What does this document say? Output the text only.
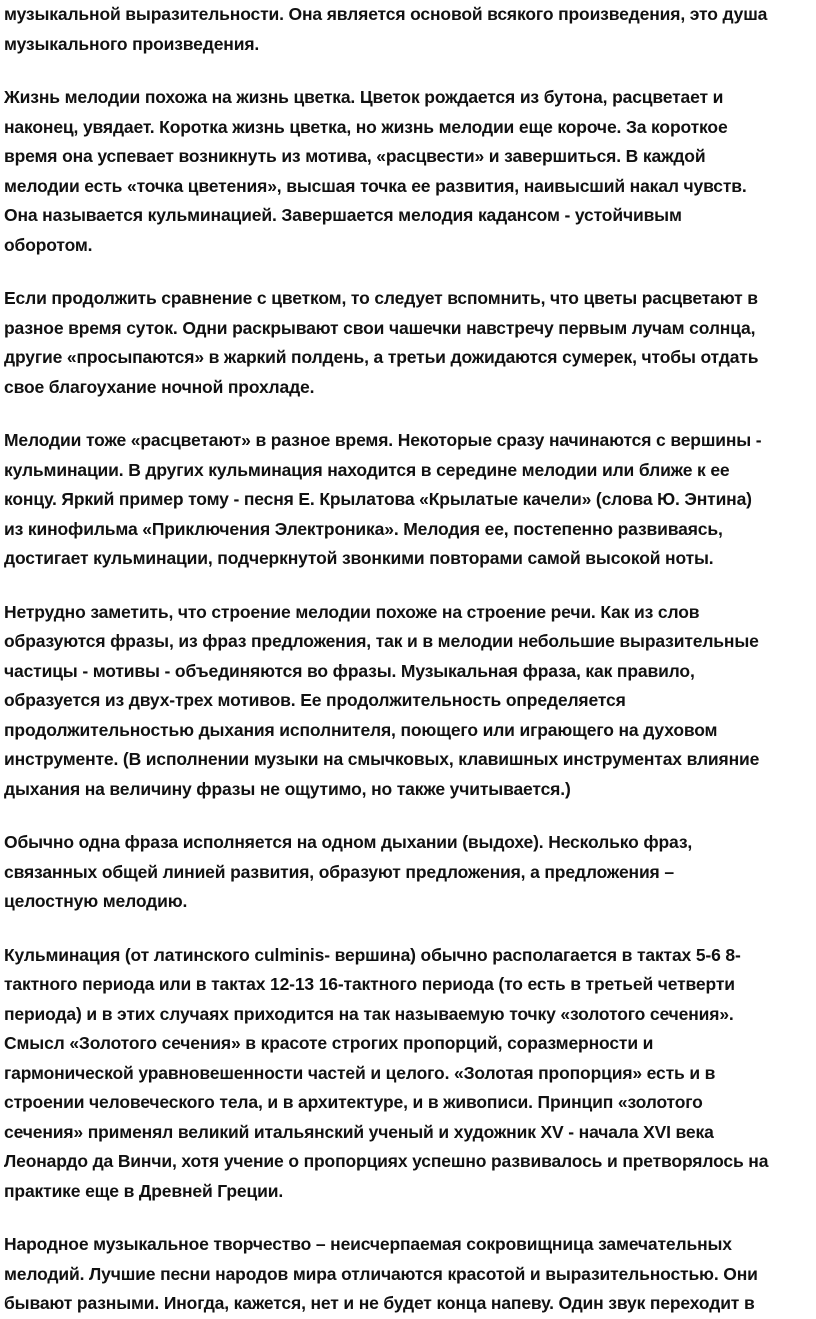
музыкальной выразительности. Она является основой всякого произведения, это душа
музыкального произведения.
Жизнь мелодии похожа на жизнь цветка. Цветок рождается из бутона, расцветает и
наконец, увядает. Коротка жизнь цветка, но жизнь мелодии еще короче. За короткое
время она успевает возникнуть из мотива, «расцвести» и завершиться. В каждой
мелодии есть «точка цветения», высшая точка ее развития, наивысший накал чувств.
Она называется кульминацией. Завершается мелодия кадансом - устойчивым
оборотом.
Если продолжить сравнение с цветком, то следует вспомнить, что цветы расцветают в
разное время суток. Одни раскрывают свои чашечки навстречу первым лучам солнца,
другие «просыпаются» в жаркий полдень, а третьи дожидаются сумерек, чтобы отдать
свое благоухание ночной прохладе.
Мелодии тоже «расцветают» в разное время. Некоторые сразу начинаются с вершины -
кульминации. В других кульминация находится в середине мелодии или ближе к ее
концу. Яркий пример тому - песня Е. Крылатова «Крылатые качели» (слова Ю. Энтина)
из кинофильма «Приключения Электроника». Мелодия ее, постепенно развиваясь,
достигает кульминации, подчеркнутой звонкими повторами самой высокой ноты.
Нетрудно заметить, что строение мелодии похоже на строение речи. Как из слов
образуются фразы, из фраз предложения, так и в мелодии небольшие выразительные
частицы - мотивы - объединяются во фразы. Музыкальная фраза, как правило,
образуется из двух-трех мотивов. Ее продолжительность определяется
продолжительностью дыхания исполнителя, поющего или играющего на духовом
инструменте. (В исполнении музыки на смычковых, клавишных инструментах влияние
дыхания на величину фразы не ощутимо, но также учитывается.)
Обычно одна фраза исполняется на одном дыхании (выдохе). Несколько фраз,
связанных общей линией развития, образуют предложения, а предложения –
целостную мелодию.
Кульминация (от латинского culminis- вершина) обычно располагается в тактах 5-6 8-
тактного периода или в тактах 12-13 16-тактного периода (то есть в третьей четверти
периода) и в этих случаях приходится на так называемую точку «золотого сечения».
Смысл «Золотого сечения» в красоте строгих пропорций, соразмерности и
гармонической уравновешенности частей и целого. «Золотая пропорция» есть и в
строении человеческого тела, и в архитектуре, и в живописи. Принцип «золотого
сечения» применял великий итальянский ученый и художник XV - начала XVI века
Леонардо да Винчи, хотя учение о пропорциях успешно развивалось и претворялось на
практике еще в Древней Греции.
Народное музыкальное творчество – неисчерпаемая сокровищница замечательных
мелодий. Лучшие песни народов мира отличаются красотой и выразительностью. Они
бывают разными. Иногда, кажется, нет и не будет конца напеву. Один звук переходит в
